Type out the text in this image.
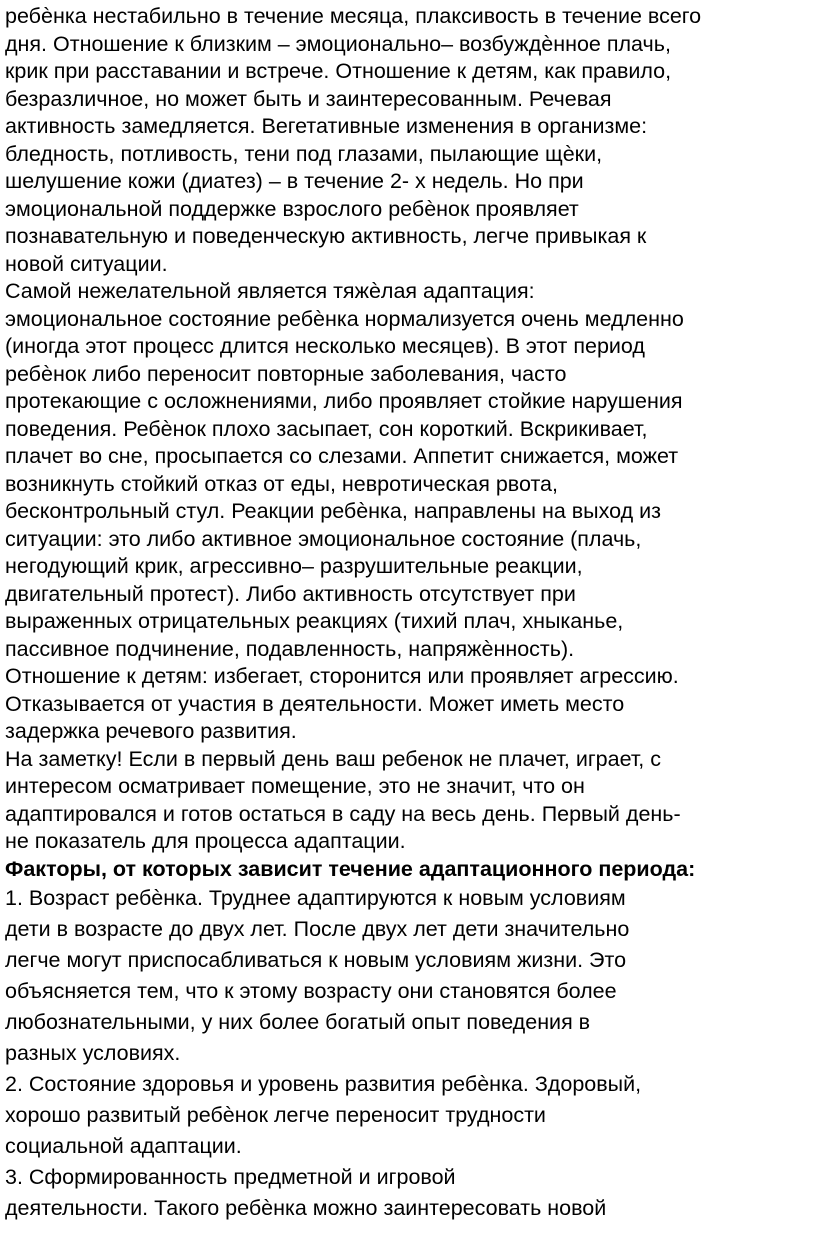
ребѐнка нестабильно в течение месяца, плаксивость в течение всего
дня. Отношение к близким – эмоционально– возбуждѐнное плачь,
крик при расставании и встрече. Отношение к детям, как правило,
безразличное, но может быть и заинтересованным. Речевая
активность замедляется. Вегетативные изменения в организме:
бледность, потливость, тени под глазами, пылающие щѐки,
шелушение кожи (диатез) – в течение 2- х недель. Но при
эмоциональной поддержке взрослого ребѐнок проявляет
познавательную и поведенческую активность, легче привыкая к
новой ситуации.
Самой нежелательной является тяжѐлая адаптация:
эмоциональное состояние ребѐнка нормализуется очень медленно
(иногда этот процесс длится несколько месяцев). В этот период
ребѐнок либо переносит повторные заболевания, часто
протекающие с осложнениями, либо проявляет стойкие нарушения
поведения. Ребѐнок плохо засыпает, сон короткий. Вскрикивает,
плачет во сне, просыпается со слезами. Аппетит снижается, может
возникнуть стойкий отказ от еды, невротическая рвота,
бесконтрольный стул. Реакции ребѐнка, направлены на выход из
ситуации: это либо активное эмоциональное состояние (плачь,
негодующий крик, агрессивно– разрушительные реакции,
двигательный протест). Либо активность отсутствует при
выраженных отрицательных реакциях (тихий плач, хныканье,
пассивное подчинение, подавленность, напряжѐнность).
Отношение к детям: избегает, сторонится или проявляет агрессию.
Отказывается от участия в деятельности. Может иметь место
задержка речевого развития.
На заметку! Если в первый день ваш ребенок не плачет, играет, с
интересом осматривает помещение, это не значит, что он
адаптировался и готов остаться в саду на весь день. Первый день-
не показатель для процесса адаптации.

Факторы, от которых зависит течение адаптационного периода:

1. Возраст ребѐнка. Труднее адаптируются к новым условиям
дети в возрасте до двух лет. После двух лет дети значительно
легче могут приспосабливаться к новым условиям жизни. Это
объясняется тем, что к этому возрасту они становятся более
любознательными, у них более богатый опыт поведения в
разных условиях.
2. Состояние здоровья и уровень развития ребѐнка. Здоровый,
хорошо развитый ребѐнок легче переносит трудности
социальной адаптации.
3. Сформированность предметной и игровой
деятельности. Такого ребѐнка можно заинтересовать новой
